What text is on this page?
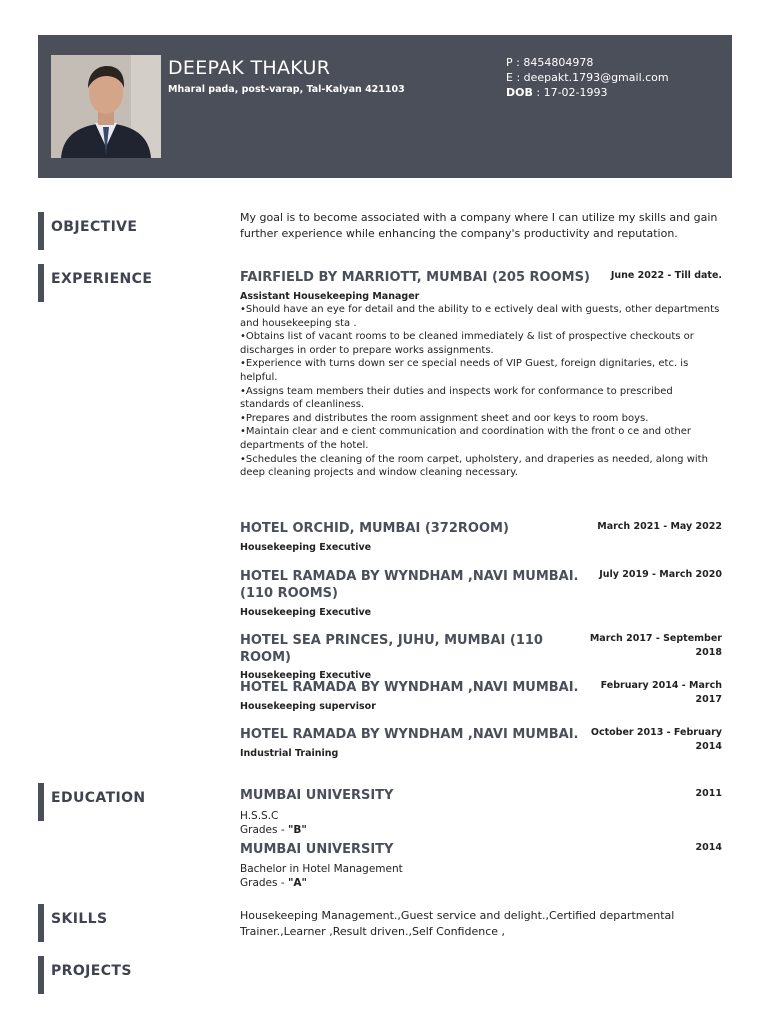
DEEPAK THAKUR
Mharal pada, post-varap, Tal-Kalyan 421103
P : 8454804978
E : deepakt.1793@gmail.com
DOB : 17-02-1993
OBJECTIVE
My goal is to become associated with a company where I can utilize my skills and gain further experience while enhancing the company's productivity and reputation.
EXPERIENCE	FAIRFIELD BY MARRIOTT, MUMBAI (205 ROOMS)	June 2022 - Till date.
Assistant Housekeeping Manager
•Should have an eye for detail and the ability to e ectively deal with guests, other departments and housekeeping sta .
•Obtains list of vacant rooms to be cleaned immediately & list of prospective checkouts or discharges in order to prepare works assignments.
•Experience with turns down ser ce special needs of VIP Guest, foreign dignitaries, etc. is helpful.
•Assigns team members their duties and inspects work for conformance to prescribed standards of cleanliness.
•Prepares and distributes the room assignment sheet and oor keys to room boys.
•Maintain clear and e cient communication and coordination with the front o ce and other departments of the hotel.
•Schedules the cleaning of the room carpet, upholstery, and draperies as needed, along with deep cleaning projects and window cleaning necessary.
HOTEL ORCHID, MUMBAI (372ROOM)	March 2021 - May 2022
Housekeeping Executive
HOTEL RAMADA BY WYNDHAM ,NAVI MUMBAI.(110 ROOMS)
July 2019 - March 2020
Housekeeping Executive
HOTEL SEA PRINCES, JUHU, MUMBAI (110 ROOM)
March 2017 - September 2018
Housekeeping Executive
HOTEL RAMADA BY WYNDHAM ,NAVI MUMBAI.	February 2014 - March 2017
Housekeeping supervisor
HOTEL RAMADA BY WYNDHAM ,NAVI MUMBAI.	October 2013 - February 2014
Industrial Training
EDUCATION	MUMBAI UNIVERSITY	2011
H.S.S.C
Grades - "B"
MUMBAI UNIVERSITY	2014
Bachelor in Hotel Management
Grades - "A"
SKILLS	Housekeeping Management.,Guest service and delight.,Certified departmental Trainer.,Learner ,Result driven.,Self Confidence ,
PROJECTS
